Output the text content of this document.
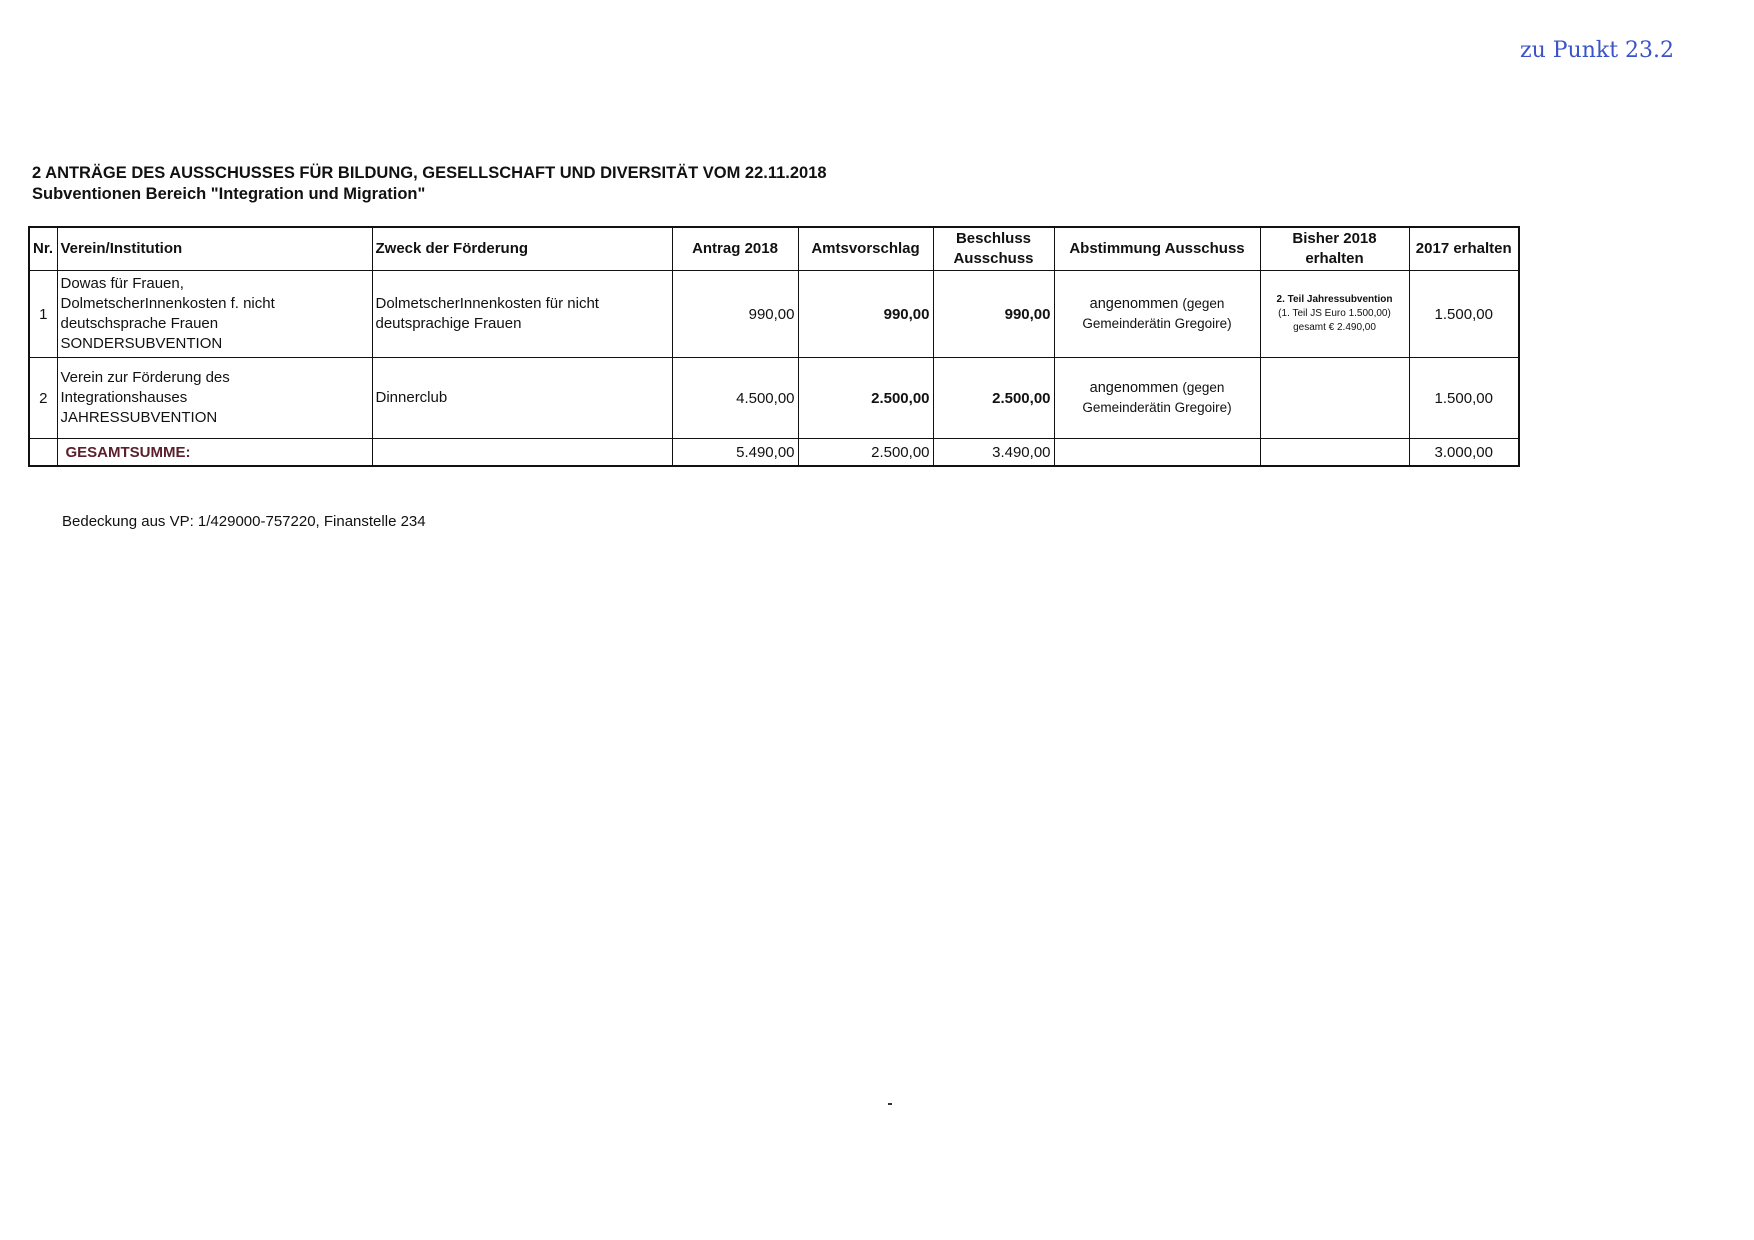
zu Punkt 23.2
2 ANTRÄGE DES AUSSCHUSSES FÜR BILDUNG, GESELLSCHAFT UND DIVERSITÄT VOM 22.11.2018
Subventionen Bereich "Integration und Migration"
Nr.	Verein/Institution	Zweck der Förderung	Antrag 2018	Amtsvorschlag	Beschluss
Ausschuss	Abstimmung Ausschuss	Bisher 2018
erhalten	2017 erhalten
1	Dowas für Frauen,
DolmetscherInnenkosten f. nicht
deutschsprache Frauen
SONDERSUBVENTION	DolmetscherInnenkosten für nicht
deutsprachige Frauen	990,00	990,00	990,00	angenommen (gegen
Gemeinderätin Gregoire)	2. Teil Jahressubvention
(1. Teil JS Euro 1.500,00)
gesamt € 2.490,00	1.500,00
2	Verein zur Förderung des
Integrationshauses
JAHRESSUBVENTION	Dinnerclub	4.500,00	2.500,00	2.500,00	angenommen (gegen
Gemeinderätin Gregoire)		1.500,00
	GESAMTSUMME:		5.490,00	2.500,00	3.490,00			3.000,00
Bedeckung aus VP: 1/429000-757220, Finanstelle 234
